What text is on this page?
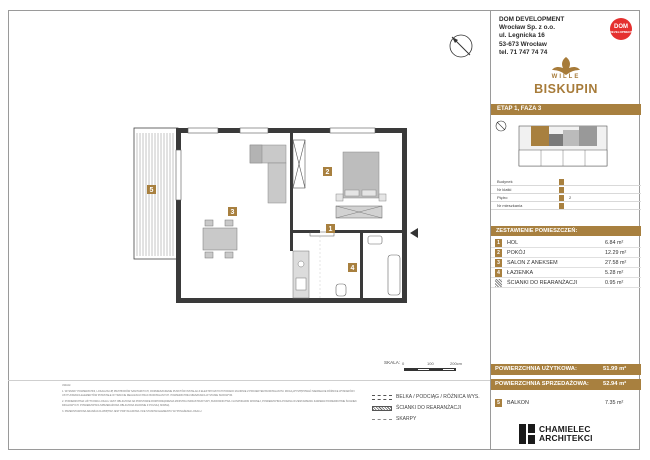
1
2
3
4
5
SKALA: 0	100	200cm

UWAGI:

1. WYMIARY POWIERZCHNI, LOKALIZACJĘ PRZYBORÓW SANITARNYCH, ROZMIESZCZENIE PUNKTÓW INSTALACJI ELEKTRYCZNYCH PODANO ZGODNIE Z PROJEKTEM BUDOWLANYM. MOGĄ WYSTĘPOWAĆ NIEWIELKIE RÓŻNICE WYMIARÓW I USYTUOWANIA ELEMENTÓW POWSTAŁE W TRAKCIE REALIZACJI PRAC BUDOWLANYCH. POWIERZCHNIA MIESZKANIA W STANIE SUROWYM.

2. POWIERZCHNIA UŻYTKOWA LOKALU JEST OBLICZONA NA PODSTAWIE ROZPORZĄDZENIA MINISTRA INFRASTRUKTURY, BUDOWNICTWA I GOSPODARKI WODNEJ, POWIERZCHNIA PODANA W ZESTAWIENIU ZAWIERA POWIERZCHNIE ŚCIANEK DZIAŁOWYCH. POWIERZCHNIA SPRZEDAŻOWA OBLICZONA ZGODNIE Z POLSKĄ NORMĄ.

3. PRZEDSTAWIONA ARANŻACJA WNĘTRZ JEST PRZYKŁADOWA I NIE STANOWI ELEMENTU WYPOSAŻENIA LOKALU.

BELKA / PODCIĄG / RÓŻNICA WYS.
ŚCIANKI DO REARANŻACJI
SKARPY
DOM DEVELOPMENT
Wrocław Sp. z o.o.
ul. Legnicka 16
53-673 Wrocław
tel. 71 747 74 74
DOM
DEVELOPMENT
WILLE
BISKUPIN
ETAP 1, FAZA 3
Budynek
Nr klatki
Piętro	2
Nr mieszkania
ZESTAWIENIE POMIESZCZEŃ:
1	HOL	6.84 m²
2	POKÓJ	12.29 m²
3	SALON Z ANEKSEM	27.58 m²
4	ŁAZIENKA	5.28 m²
ŚCIANKI DO REARANŻACJI	0.95 m²
POWIERZCHNIA UŻYTKOWA:	51.99 m²
POWIERZCHNIA SPRZEDAŻOWA: 52.94 m²
5	BALKON	7.35 m²
CHAMIELEC
ARCHITEKCI
